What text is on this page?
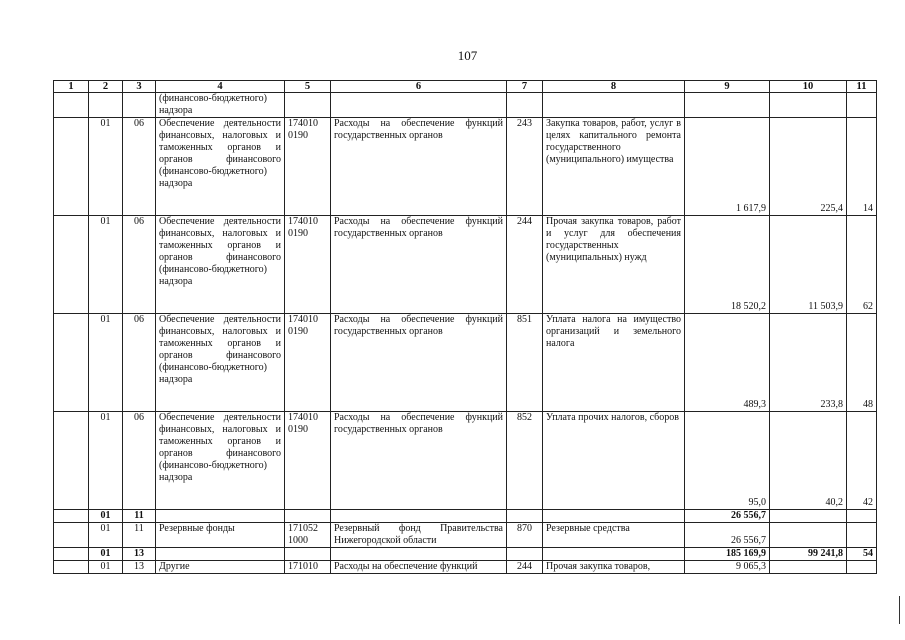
107
1	2	3	4	5	6	7	8	9	10	11
			(финансово-бюджетного) надзора							
	01	06	Обеспечение деятельности финансовых, налоговых и таможенных органов и органов финансового (финансово-бюджетного) надзора	174010 0190	Расходы на обеспечение функций государственных органов	243	Закупка товаров, работ, услуг в целях капитального ремонта государственного (муниципального) имущества	1 617,9	225,4	14
	01	06	Обеспечение деятельности финансовых, налоговых и таможенных органов и органов финансового (финансово-бюджетного) надзора	174010 0190	Расходы на обеспечение функций государственных органов	244	Прочая закупка товаров, работ и услуг для обеспечения государственных (муниципальных) нужд	18 520,2	11 503,9	62
	01	06	Обеспечение деятельности финансовых, налоговых и таможенных органов и органов финансового (финансово-бюджетного) надзора	174010 0190	Расходы на обеспечение функций государственных органов	851	Уплата налога на имущество организаций и земельного налога	489,3	233,8	48
	01	06	Обеспечение деятельности финансовых, налоговых и таможенных органов и органов финансового (финансово-бюджетного) надзора	174010 0190	Расходы на обеспечение функций государственных органов	852	Уплата прочих налогов, сборов	95,0	40,2	42
	01	11						26 556,7		
	01	11	Резервные фонды	171052 1000	Резервный фонд Правительства Нижегородской области	870	Резервные средства	26 556,7		
	01	13						185 169,9	99 241,8	54
	01	13	Другие	171010	Расходы на обеспечение функций	244	Прочая закупка товаров,	9 065,3		
